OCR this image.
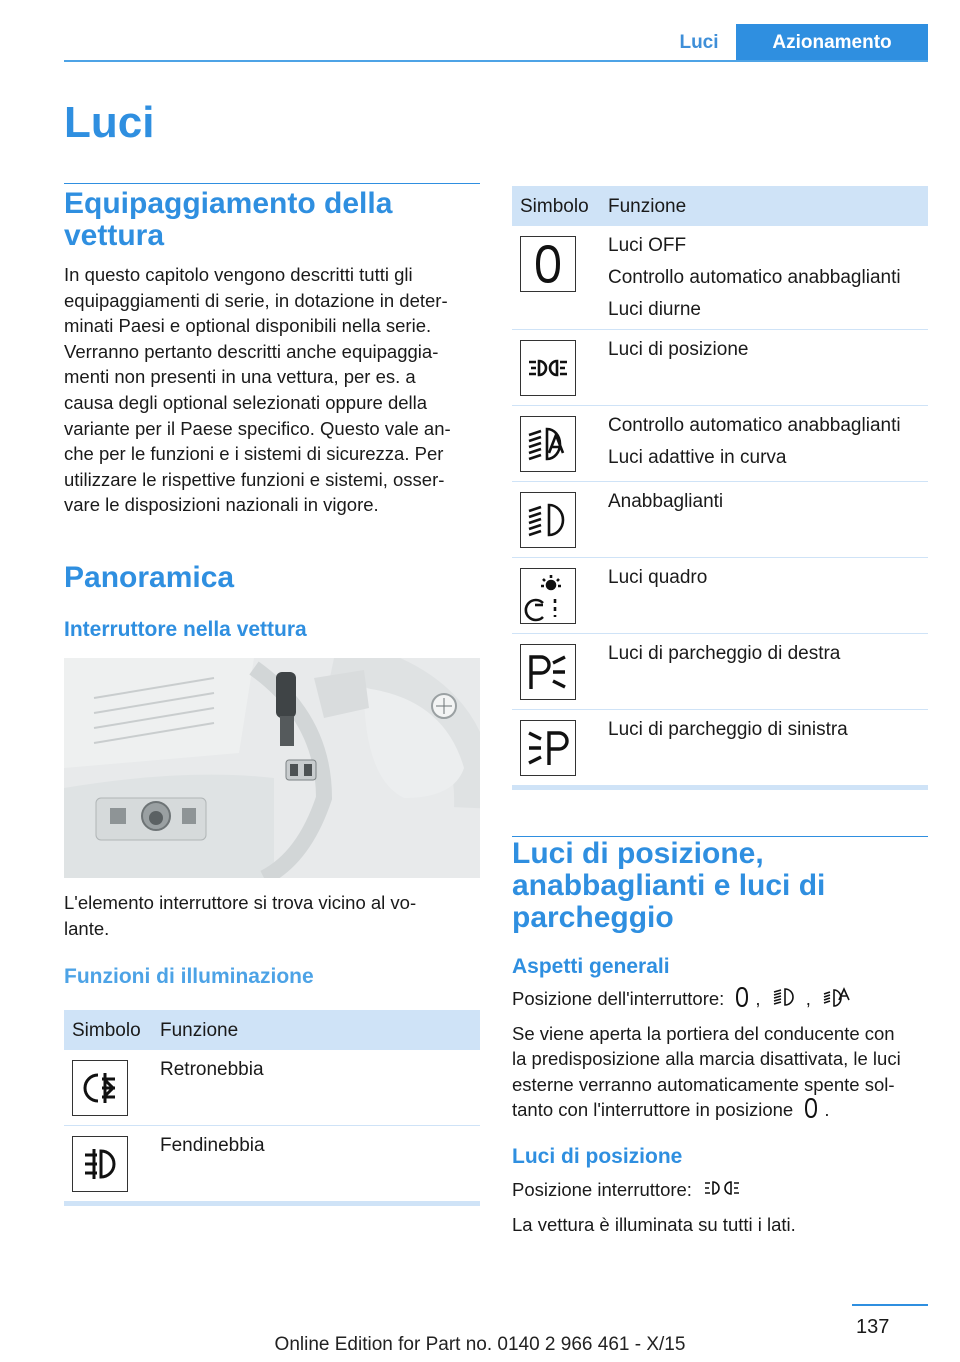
Luci	Azionamento
Luci
Equipaggiamento della vettura
In questo capitolo vengono descritti tutti gli
equipaggiamenti di serie, in dotazione in deter-
minati Paesi e optional disponibili nella serie.
Verranno pertanto descritti anche equipaggia-
menti non presenti in una vettura, per es. a
causa degli optional selezionati oppure della
variante per il Paese specifico. Questo vale an-
che per le funzioni e i sistemi di sicurezza. Per
utilizzare le rispettive funzioni e sistemi, osser-
vare le disposizioni nazionali in vigore.
Panoramica
Interruttore nella vettura
L'elemento interruttore si trova vicino al vo-
lante.
Funzioni di illuminazione
Simbolo Funzione
Retronebbia
Fendinebbia
Simbolo Funzione
Luci OFF
Controllo automatico anabbaglianti
Luci diurne
Luci di posizione
Controllo automatico anabbaglianti
Luci adattive in curva
Anabbaglianti
Luci quadro
Luci di parcheggio di destra
Luci di parcheggio di sinistra
Luci di posizione,
anabbaglianti e luci di
parcheggio
Aspetti generali
Posizione dell'interruttore: , ,
Se viene aperta la portiera del conducente con
la predisposizione alla marcia disattivata, le luci
esterne verranno automaticamente spente sol-
tanto con l'interruttore in posizione .
Luci di posizione
Posizione interruttore:
La vettura è illuminata su tutti i lati.
137
Online Edition for Part no. 0140 2 966 461 - X/15
